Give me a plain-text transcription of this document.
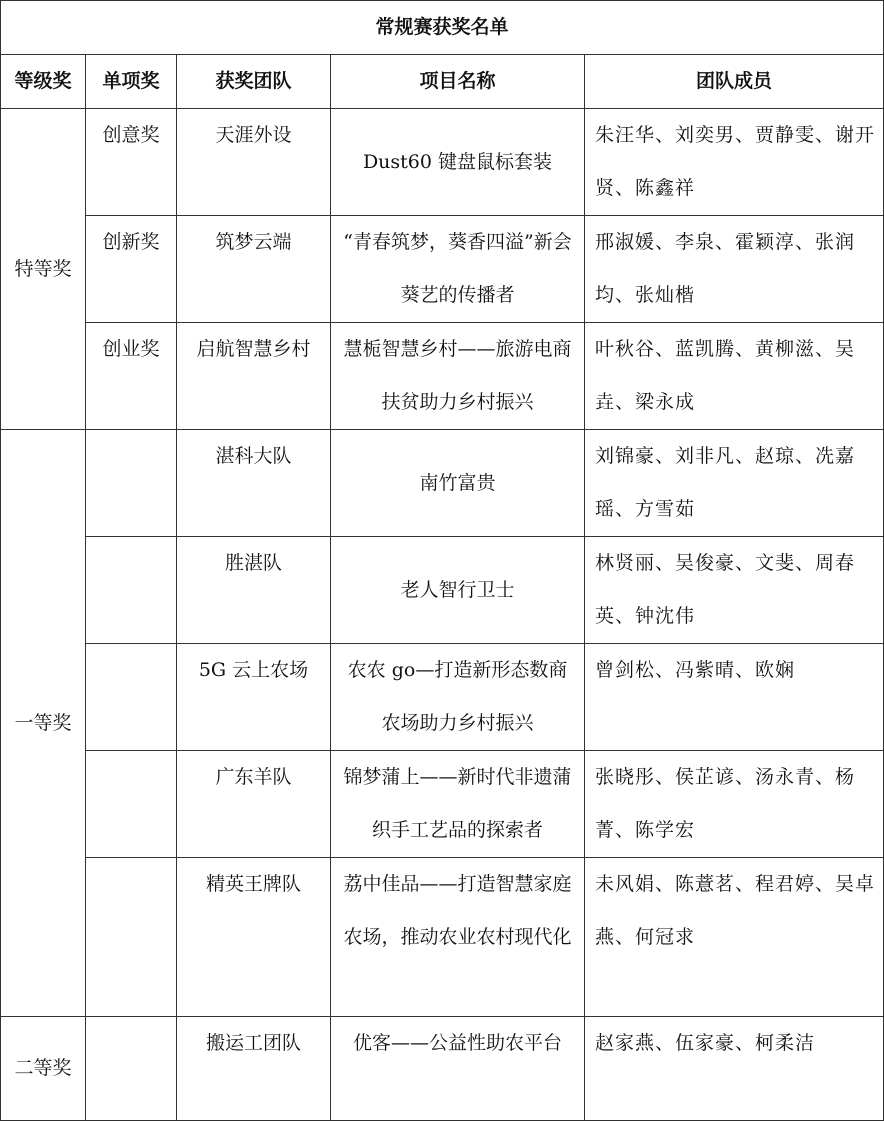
常规赛获奖名单				
等级奖	单项奖	获奖团队	项目名称	团队成员
特等奖	创意奖	天涯外设	Dust60 键盘鼠标套装	朱汪华、刘奕男、贾静雯、谢开贤、陈鑫祥
	创新奖	筑梦云端	“青春筑梦，葵香四溢”新会葵艺的传播者	邢淑媛、李泉、霍颖淳、张润均、张灿楷
	创业奖	启航智慧乡村	慧栀智慧乡村——旅游电商扶贫助力乡村振兴	叶秋谷、蓝凯腾、黄柳滋、吴垚、梁永成
一等奖		湛科大队	南竹富贵	刘锦豪、刘非凡、赵琼、冼嘉瑶、方雪茹
		胜湛队	老人智行卫士	林贤丽、吴俊豪、文斐、周春英、钟沈伟
		5G 云上农场	农农 go—打造新形态数商农场助力乡村振兴	曾剑松、冯紫晴、欧娴
		广东羊队	锦梦蒲上——新时代非遗蒲织手工艺品的探索者	张晓彤、侯芷谚、汤永青、杨菁、陈学宏
		精英王牌队	荔中佳品——打造智慧家庭农场，推动农业农村现代化	未风娟、陈薏茗、程君婷、吴卓燕、何冠求
二等奖		搬运工团队	优客——公益性助农平台	赵家燕、伍家豪、柯柔洁
